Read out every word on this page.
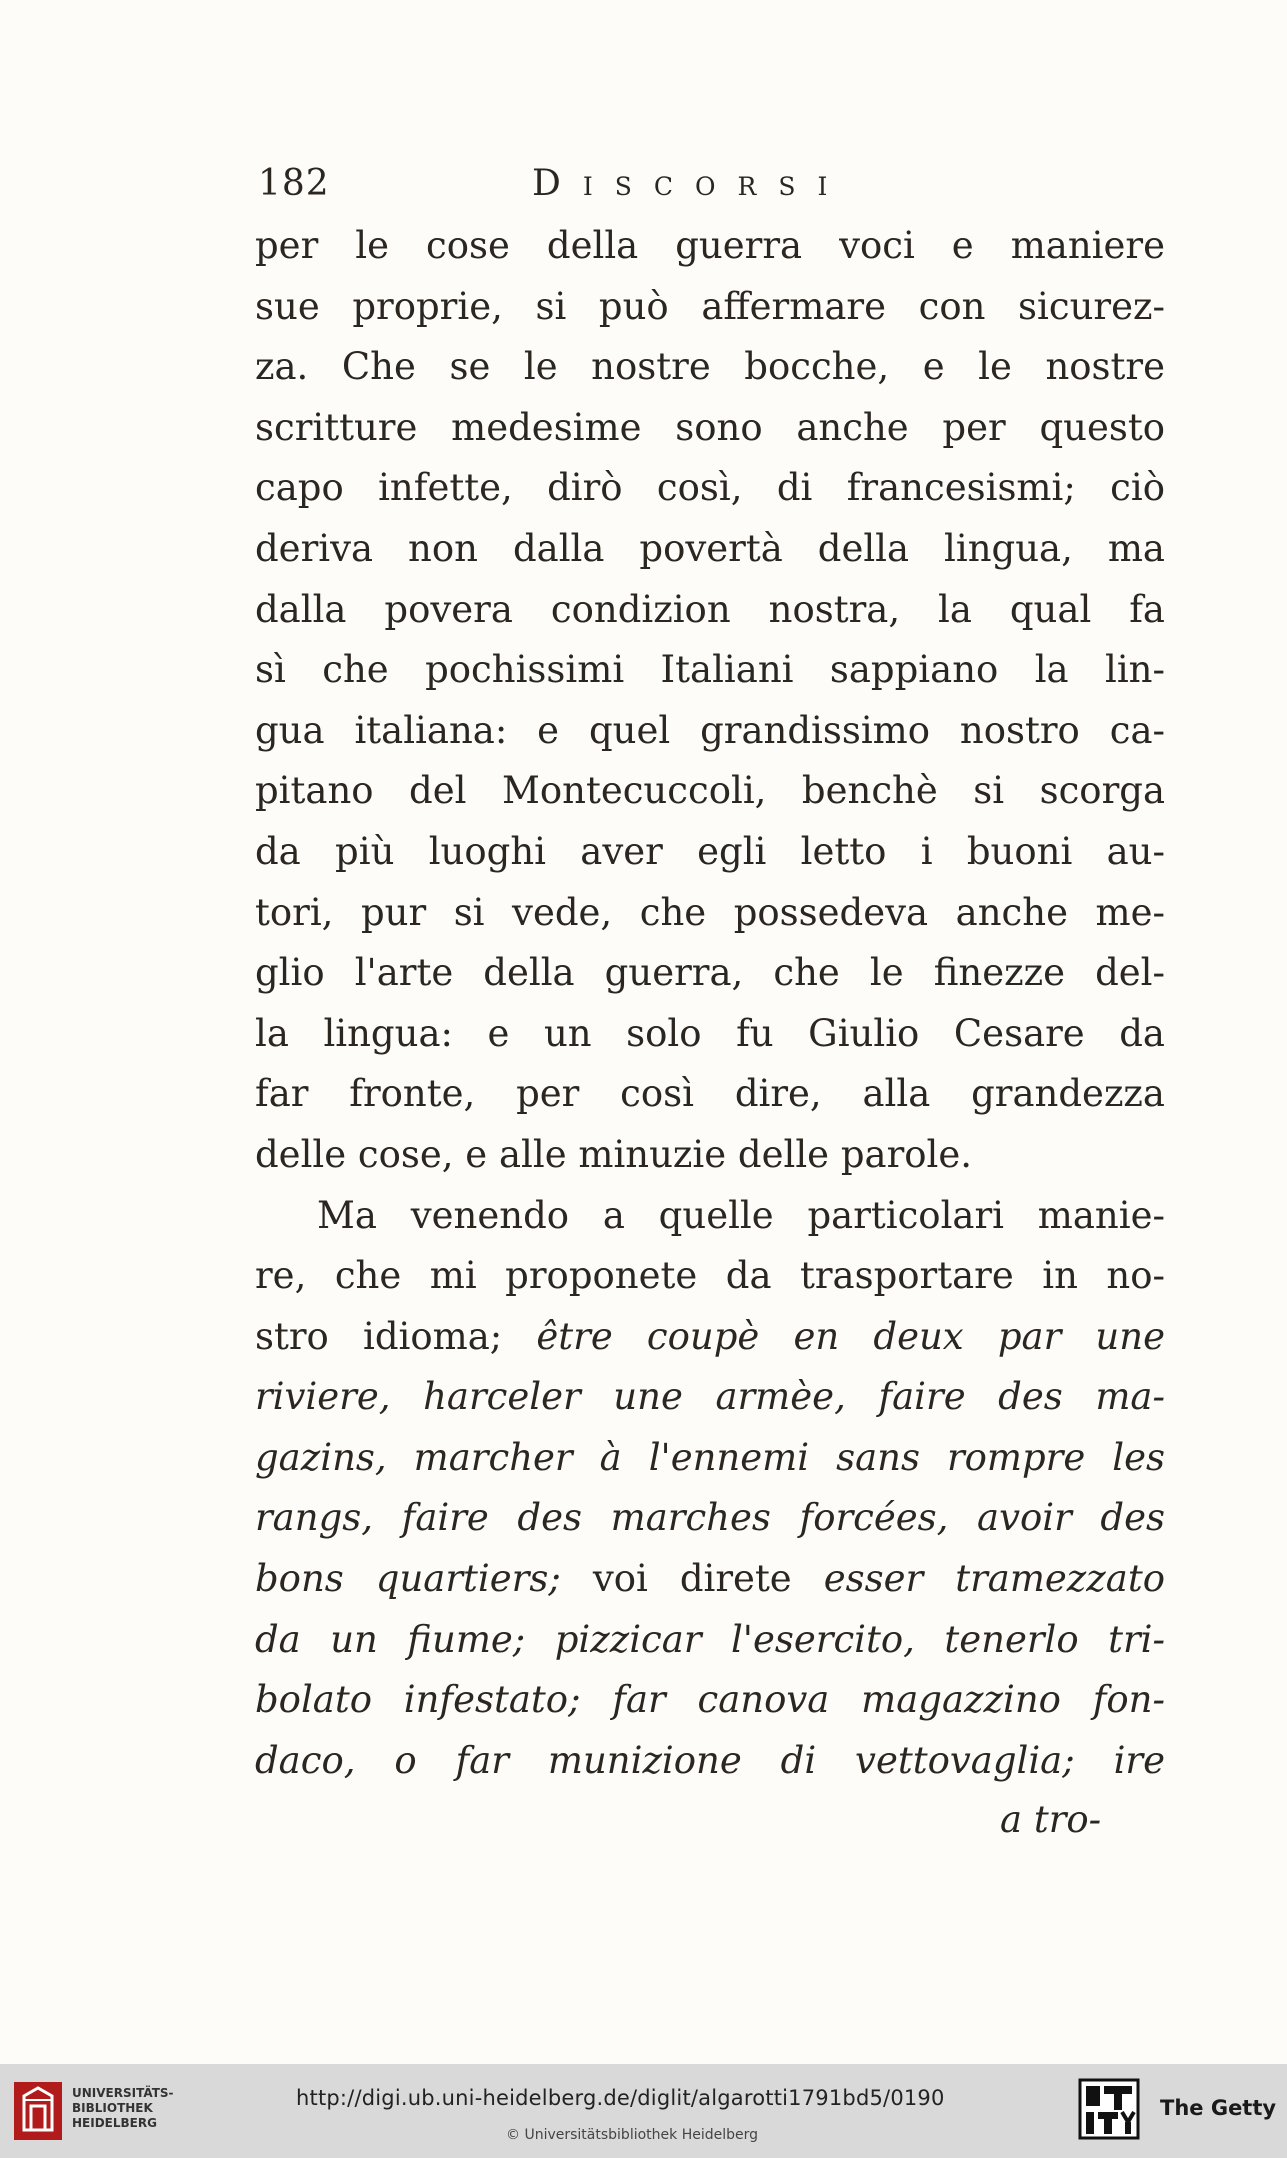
182	Discorsi
per le cose della guerra voci e maniere
sue proprie, si può affermare con sicurez-
za. Che se le nostre bocche, e le nostre
scritture medesime sono anche per questo
capo infette, dirò così, di francesismi; ciò
deriva non dalla povertà della lingua, ma
dalla povera condizion nostra, la qual fa
sì che pochissimi Italiani sappiano la lin-
gua italiana: e quel grandissimo nostro ca-
pitano del Montecuccoli, benchè si scorga
da più luoghi aver egli letto i buoni au-
tori, pur si vede, che possedeva anche me-
glio l'arte della guerra, che le finezze del-
la lingua: e un solo fu Giulio Cesare da
far fronte, per così dire, alla grandezza
delle cose, e alle minuzie delle parole.
Ma venendo a quelle particolari manie-
re, che mi proponete da trasportare in no-
stro idioma; être coupè en deux par une
riviere, harceler une armèe, faire des ma-
gazins, marcher à l'ennemi sans rompre les
rangs, faire des marches forcées, avoir des
bons quartiers; voi direte esser tramezzato
da un fiume; pizzicar l'esercito, tenerlo tri-
bolato infestato; far canova magazzino fon-
daco, o far munizione di vettovaglia; ire
a tro-
UNIVERSITÄTS-
BIBLIOTHEK
HEIDELBERG
http://digi.ub.uni-heidelberg.de/diglit/algarotti1791bd5/0190
© Universitätsbibliothek Heidelberg
The Getty
